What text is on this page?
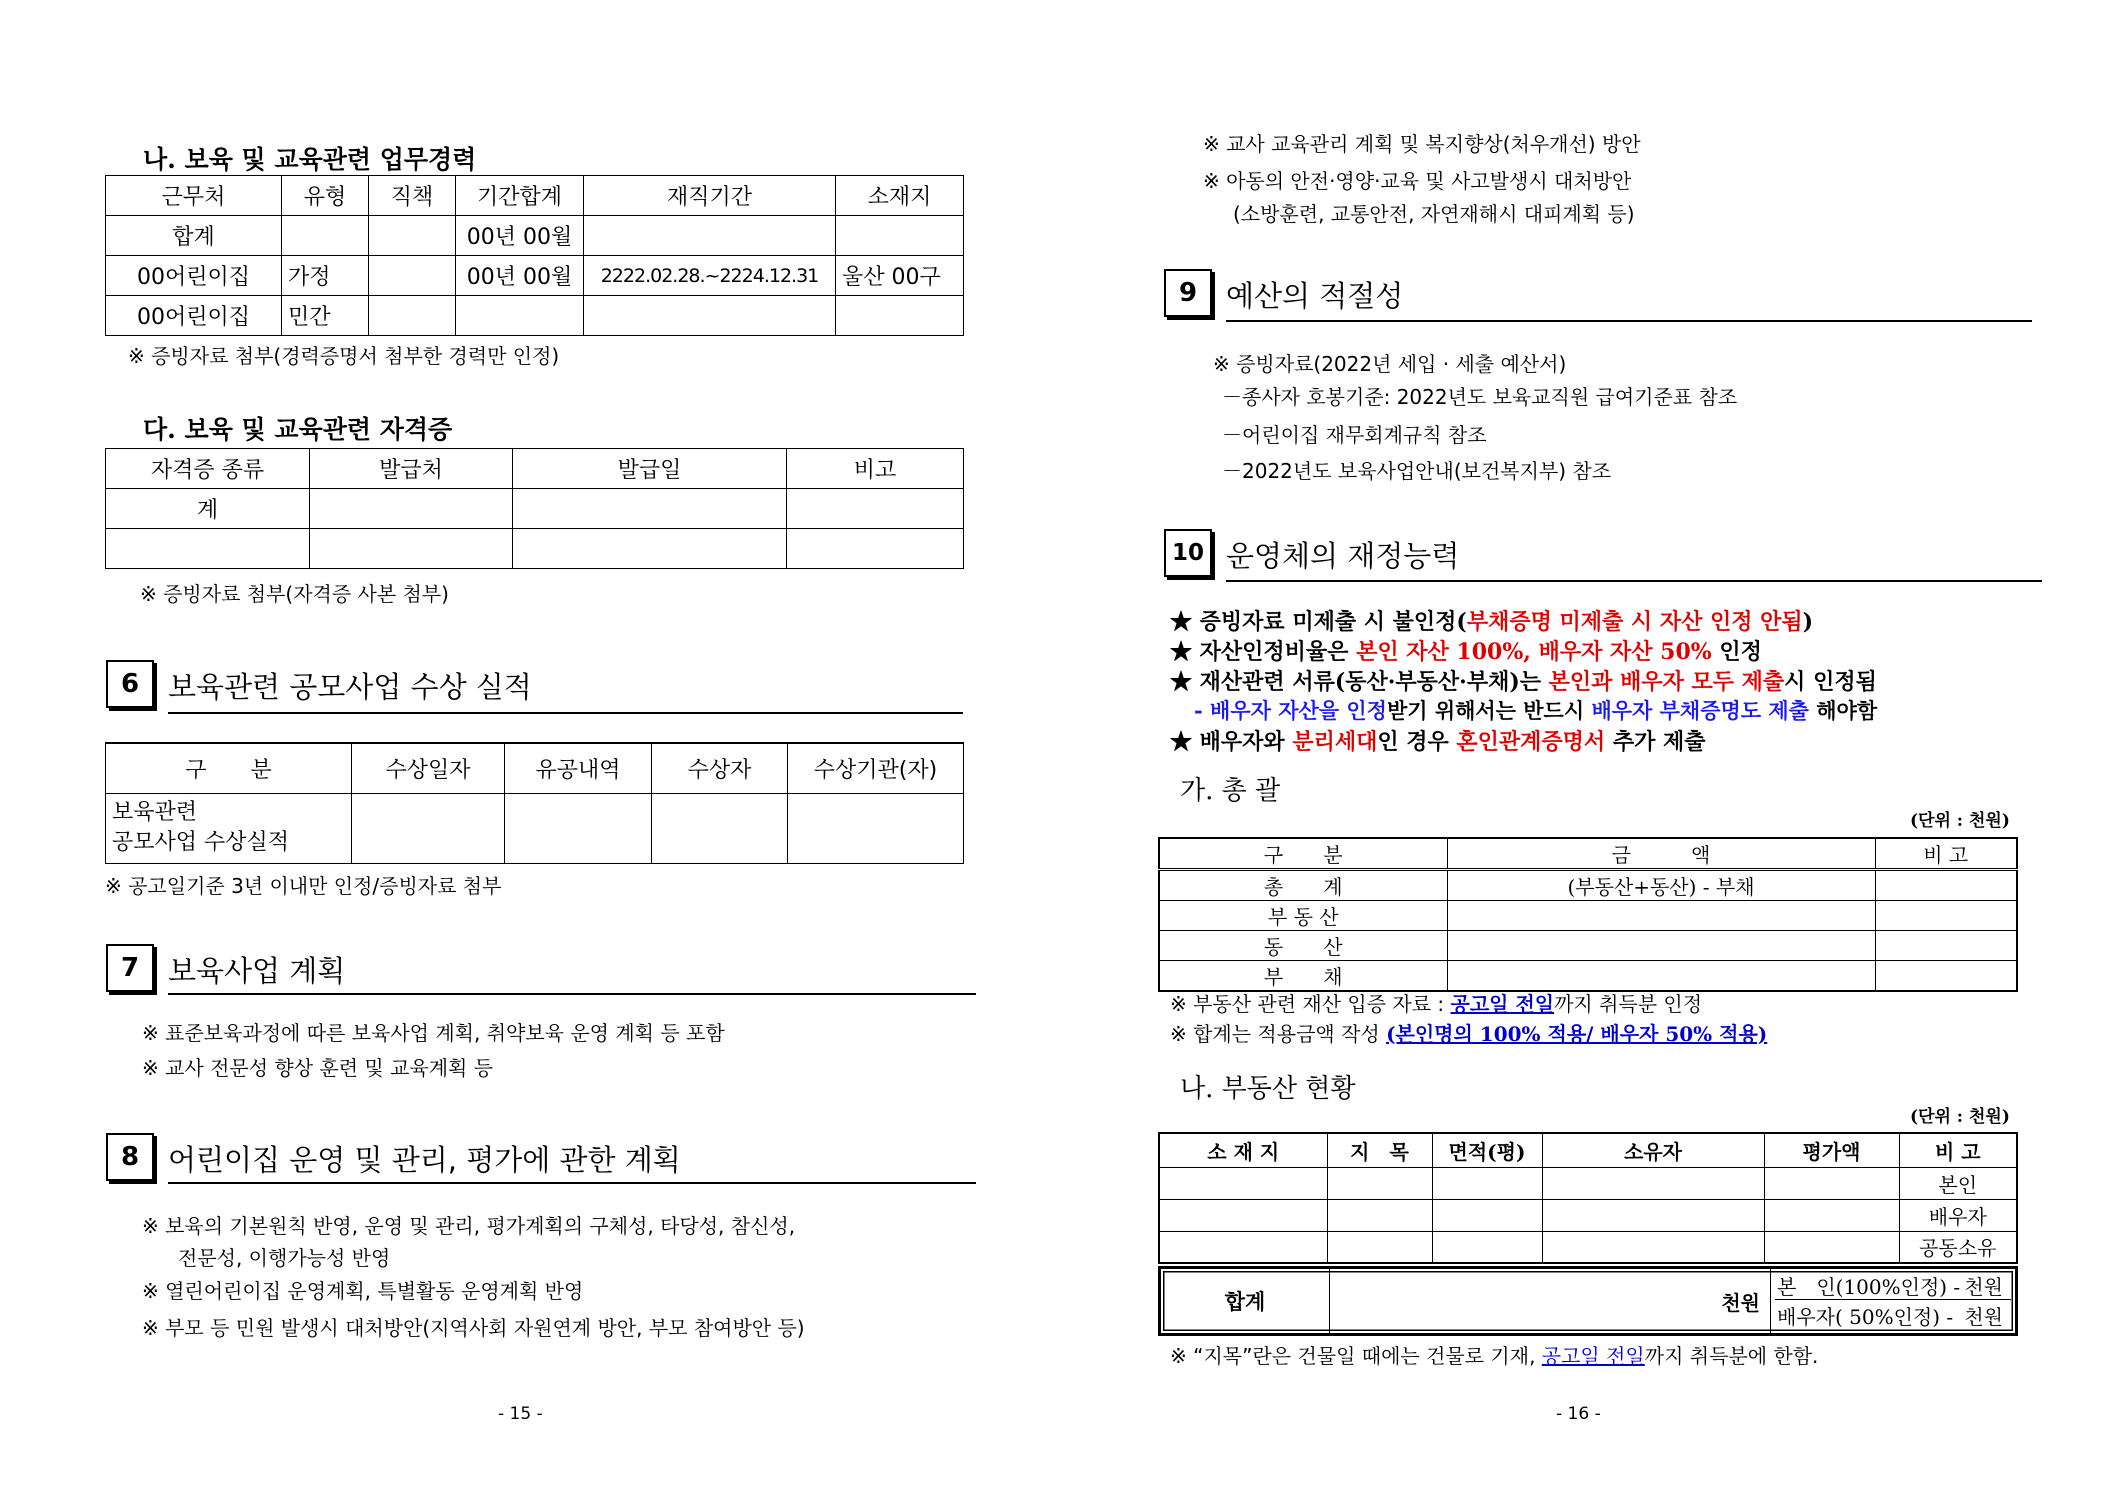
나. 보육 및 교육관련 업무경력
근무처	유형	직책	기간합계	재직기간	소재지
합계			00년 00월		
00어린이집	가정		00년 00월	2222.02.28.~2224.12.31	울산 00구
00어린이집	민간				
※ 증빙자료 첨부(경력증명서 첨부한 경력만 인정)
다. 보육 및 교육관련 자격증
자격증 종류	발급처	발급일	비고
계			

※ 증빙자료 첨부(자격증 사본 첨부)
6 보육관련 공모사업 수상 실적
구　　분	수상일자	유공내역	수상자	수상기관(자)

보육관련
공모사업 수상실적				

※ 공고일기준 3년 이내만 인정/증빙자료 첨부
7 보육사업 계획
※ 표준보육과정에 따른 보육사업 계획, 취약보육 운영 계획 등 포함
※ 교사 전문성 향상 훈련 및 교육계획 등
8 어린이집 운영 및 관리, 평가에 관한 계획
※ 보육의 기본원칙 반영, 운영 및 관리, 평가계획의 구체성, 타당성, 참신성,
전문성, 이행가능성 반영
※ 열린어린이집 운영계획, 특별활동 운영계획 반영
※ 부모 등 민원 발생시 대처방안(지역사회 자원연계 방안, 부모 참여방안 등)
- 15 -
※ 교사 교육관리 계획 및 복지향상(처우개선) 방안
※ 아동의 안전·영양·교육 및 사고발생시 대처방안
(소방훈련, 교통안전, 자연재해시 대피계획 등)
9 예산의 적절성
※ 증빙자료(2022년 세입 · 세출 예산서)
－종사자 호봉기준: 2022년도 보육교직원 급여기준표 참조
－어린이집 재무회계규칙 참조
－2022년도 보육사업안내(보건복지부) 참조
10 운영체의 재정능력
★ 증빙자료 미제출 시 불인정(부채증명 미제출 시 자산 인정 안됨)
★ 자산인정비율은 본인 자산 100%, 배우자 자산 50% 인정
★ 재산관련 서류(동산·부동산·부채)는 본인과 배우자 모두 제출시 인정됨
- 배우자 자산을 인정받기 위해서는 반드시 배우자 부채증명도 제출 해야함
★ 배우자와 분리세대인 경우 혼인관계증명서 추가 제출
가. 총 괄
(단위 : 천원)
구　　분	금　　　액	비 고
총　　계	(부동산+동산) - 부채	
부 동 산		
동　　산		
부　　채		
※ 부동산 관련 재산 입증 자료 : 공고일 전일까지 취득분 인정
※ 합계는 적용금액 작성 (본인명의 100% 적용/ 배우자 50% 적용)
나. 부동산 현황
(단위 : 천원)
소 재 지	지　목	면적(평)	소유자	평가액	비 고
					본인
					배우자
					공동소유
합계	천원
본　인(100%인정) - 천원
배우자( 50%인정) - 천원
※ “지목”란은 건물일 때에는 건물로 기재, 공고일 전일까지 취득분에 한함.
- 16 -
